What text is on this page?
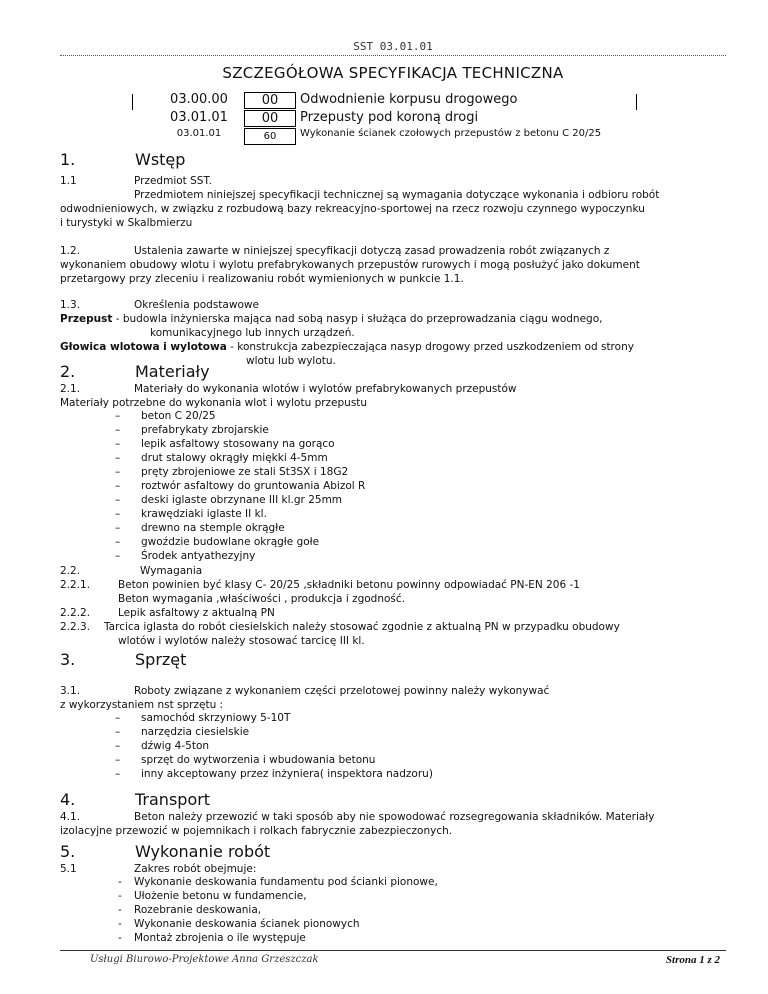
SST 03.01.01
SZCZEGÓŁOWA SPECYFIKACJA TECHNICZNA
03.00.00	00	Odwodnienie korpusu drogowego
03.01.01	00	Przepusty pod koroną drogi
03.01.01	60	Wykonanie ścianek czołowych przepustów z betonu C 20/25
1.	Wstęp
1.1	Przedmiot SST.
Przedmiotem niniejszej specyfikacji technicznej są wymagania dotyczące wykonania i odbioru robót
odwodnieniowych, w związku z rozbudową bazy rekreacyjno-sportowej na rzecz rozwoju czynnego wypoczynku
i turystyki w Skalbmierzu
1.2.	Ustalenia zawarte w niniejszej specyfikacji dotyczą zasad prowadzenia robót związanych z
wykonaniem obudowy wlotu i wylotu prefabrykowanych przepustów rurowych i mogą posłużyć jako dokument
przetargowy przy zleceniu i realizowaniu robót wymienionych w punkcie 1.1.
1.3.	Określenia podstawowe
Przepust - budowla inżynierska mająca nad sobą nasyp i służąca do przeprowadzania ciągu wodnego,
komunikacyjnego lub innych urządzeń.
Głowica wlotowa i wylotowa - konstrukcja zabezpieczająca nasyp drogowy przed uszkodzeniem od strony
wlotu lub wylotu.
2.	Materiały
2.1.	Materiały do wykonania wlotów i wylotów prefabrykowanych przepustów
Materiały potrzebne do wykonania wlot i wylotu przepustu
– beton C 20/25
– prefabrykaty zbrojarskie
– lepik asfaltowy stosowany na gorąco
– drut stalowy okrągły miękki 4-5mm
– pręty zbrojeniowe ze stali St3SX i 18G2
– roztwór asfaltowy do gruntowania Abizol R
– deski iglaste obrzynane III kl.gr 25mm
– krawędziaki iglaste II kl.
– drewno na stemple okrągłe
– gwoździe budowlane okrągłe gołe
– Środek antyathezyjny
2.2.	Wymagania
2.2.1.	Beton powinien być klasy C- 20/25 ,składniki betonu powinny odpowiadać PN-EN 206 -1
Beton wymagania ,właściwości , produkcja i zgodność.
2.2.2.	Lepik asfaltowy z aktualną PN
2.2.3. Tarcica iglasta do robót ciesielskich należy stosować zgodnie z aktualną PN w przypadku obudowy
wlotów i wylotów należy stosować tarcicę III kl.
3.	Sprzęt
3.1.	Roboty związane z wykonaniem części przelotowej powinny należy wykonywać
z wykorzystaniem nst sprzętu :
– samochód skrzyniowy 5-10T
– narzędzia ciesielskie
– dźwig 4-5ton
– sprzęt do wytworzenia i wbudowania betonu
– inny akceptowany przez inżyniera( inspektora nadzoru)
4.	Transport
4.1.	Beton należy przewozić w taki sposób aby nie spowodować rozsegregowania składników. Materiały
izolacyjne przewozić w pojemnikach i rolkach fabrycznie zabezpieczonych.
5.	Wykonanie robót
5.1	Zakres robót obejmuje:
- Wykonanie deskowania fundamentu pod ścianki pionowe,
- Ułożenie betonu w fundamencie,
- Rozebranie deskowania,
- Wykonanie deskowania ścianek pionowych
- Montaż zbrojenia o ile występuje
Usługi Biurowo-Projektowe Anna Grzeszczak	Strona 1 z 2
